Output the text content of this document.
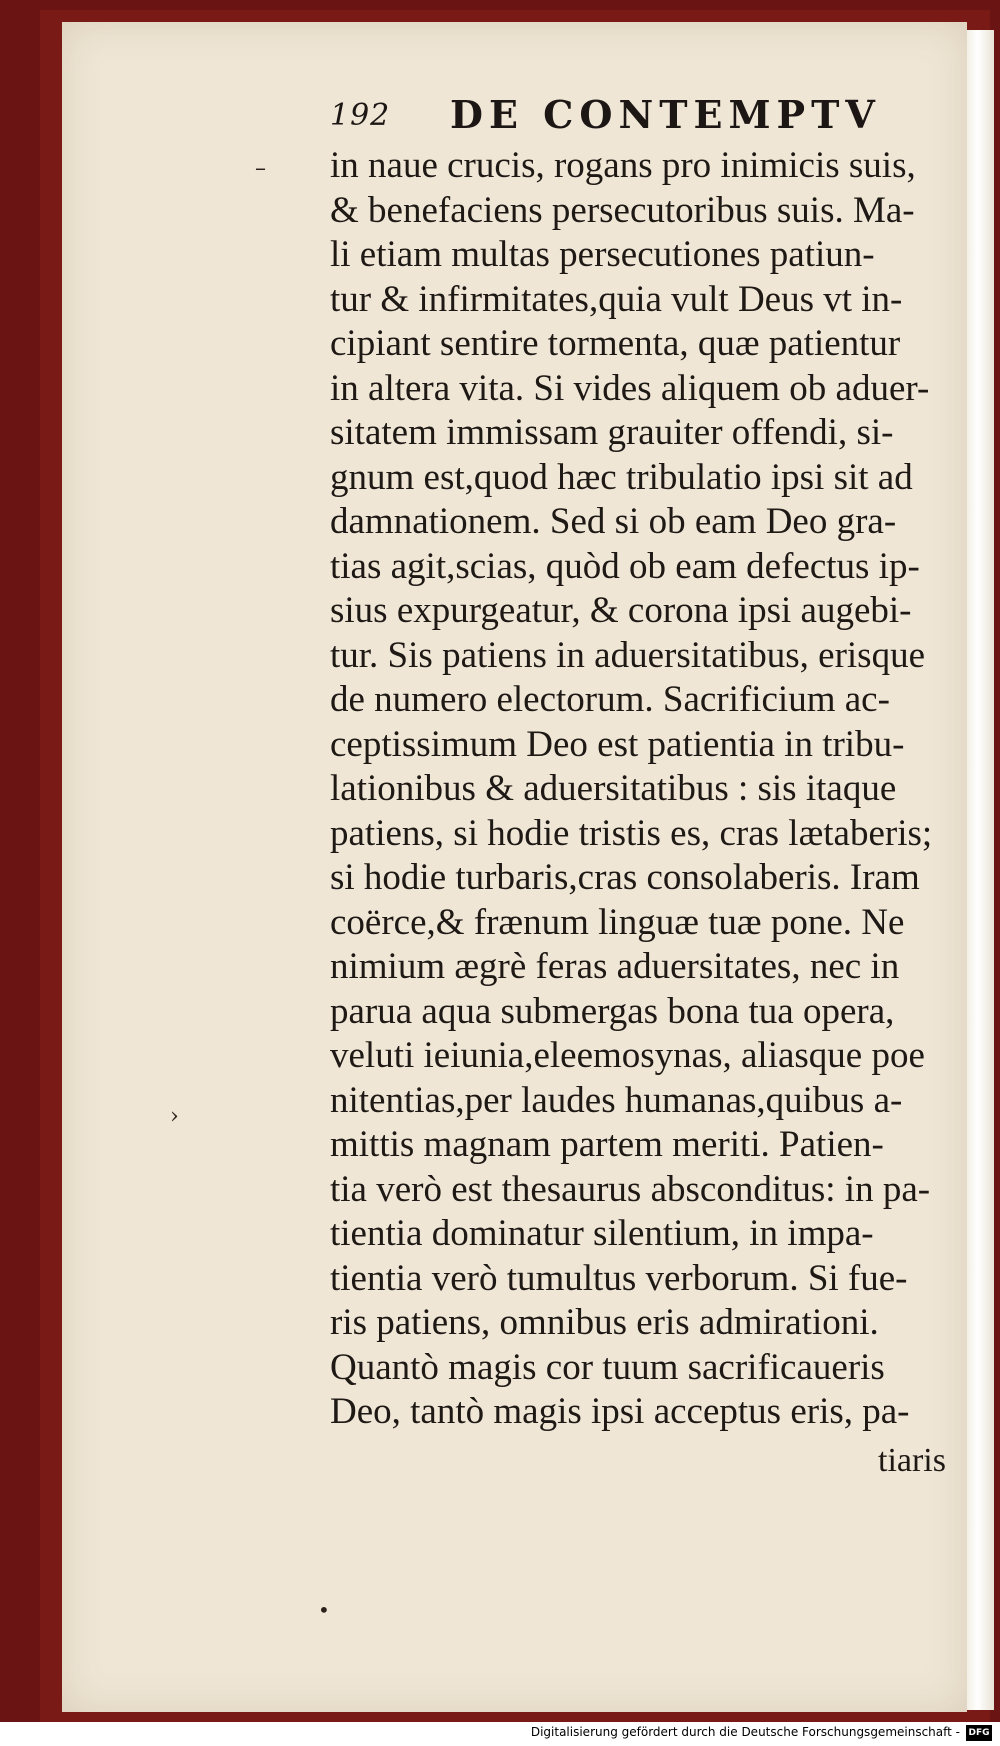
192 DE CONTEMPTV
in naue crucis, rogans pro inimicis suis,
& benefaciens persecutoribus suis. Ma-
li etiam multas persecutiones patiun-
tur & infirmitates,quia vult Deus vt in-
cipiant sentire tormenta, quæ patientur
in altera vita. Si vides aliquem ob aduer-
sitatem immissam grauiter offendi, si-
gnum est,quod hæc tribulatio ipsi sit ad
damnationem. Sed si ob eam Deo gra-
tias agit,scias, quòd ob eam defectus ip-
sius expurgeatur, & corona ipsi augebi-
tur. Sis patiens in aduersitatibus, erisque
de numero electorum. Sacrificium ac-
ceptissimum Deo est patientia in tribu-
lationibus & aduersitatibus : sis itaque
patiens, si hodie tristis es, cras lætaberis;
si hodie turbaris,cras consolaberis. Iram
coërce,& frænum linguæ tuæ pone. Ne
nimium ægrè feras aduersitates, nec in
parua aqua submergas bona tua opera,
veluti ieiunia,eleemosynas, aliasque poe
nitentias,per laudes humanas,quibus a-
mittis magnam partem meriti. Patien-
tia verò est thesaurus absconditus: in pa-
tientia dominatur silentium, in impa-
tientia verò tumultus verborum. Si fue-
ris patiens, omnibus eris admirationi.
Quantò magis cor tuum sacrificaueris
Deo, tantò magis ipsi acceptus eris, pa-
tiaris
–
›
•
Digitalisierung gefördert durch die Deutsche Forschungsgemeinschaft - DFG
